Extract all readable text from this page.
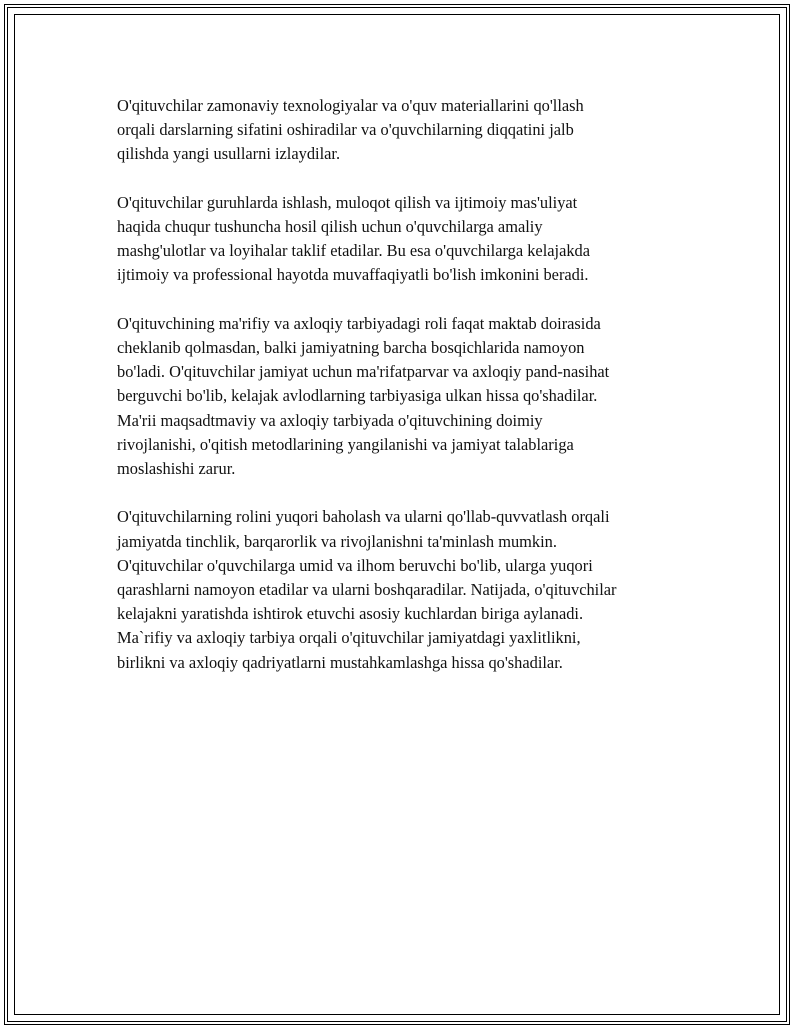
O'qituvchilar zamonaviy texnologiyalar va o'quv materiallarini qo'llash
orqali darslarning sifatini oshiradilar va o'quvchilarning diqqatini jalb
qilishda yangi usullarni izlaydilar.

O'qituvchilar guruhlarda ishlash, muloqot qilish va ijtimoiy mas'uliyat
haqida chuqur tushuncha hosil qilish uchun o'quvchilarga amaliy
mashg'ulotlar va loyihalar taklif etadilar. Bu esa o'quvchilarga kelajakda
ijtimoiy va professional hayotda muvaffaqiyatli bo'lish imkonini beradi.

O'qituvchining ma'rifiy va axloqiy tarbiyadagi roli faqat maktab doirasida
cheklanib qolmasdan, balki jamiyatning barcha bosqichlarida namoyon
bo'ladi. O'qituvchilar jamiyat uchun ma'rifatparvar va axloqiy pand-nasihat
berguvchi bo'lib, kelajak avlodlarning tarbiyasiga ulkan hissa qo'shadilar.
Ma'rii maqsadtmaviy va axloqiy tarbiyada o'qituvchining doimiy
rivojlanishi, o'qitish metodlarining yangilanishi va jamiyat talablariga
moslashishi zarur.

O'qituvchilarning rolini yuqori baholash va ularni qo'llab-quvvatlash orqali
jamiyatda tinchlik, barqarorlik va rivojlanishni ta'minlash mumkin.
O'qituvchilar o'quvchilarga umid va ilhom beruvchi bo'lib, ularga yuqori
qarashlarni namoyon etadilar va ularni boshqaradilar. Natijada, o'qituvchilar
kelajakni yaratishda ishtirok etuvchi asosiy kuchlardan biriga aylanadi.
Ma`rifiy va axloqiy tarbiya orqali o'qituvchilar jamiyatdagi yaxlitlikni,
birlikni va axloqiy qadriyatlarni mustahkamlashga hissa qo'shadilar.
